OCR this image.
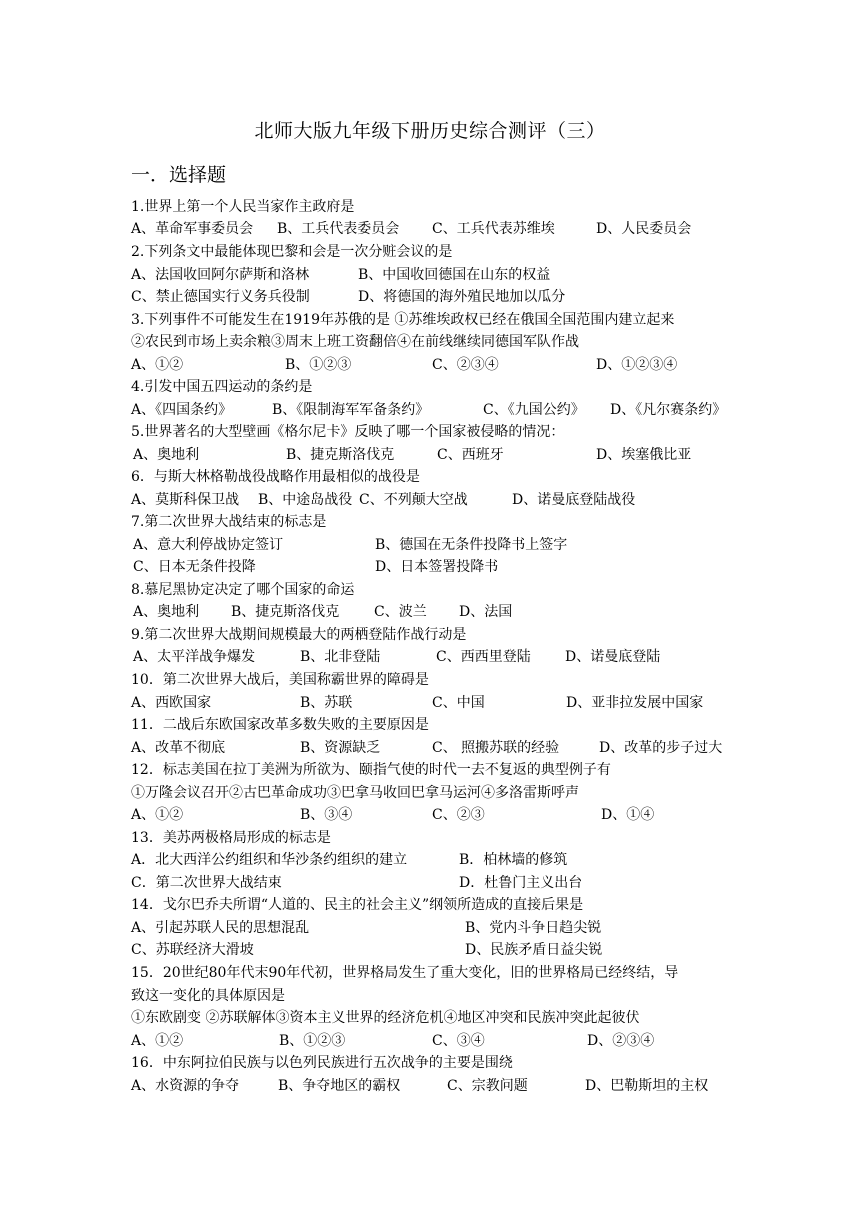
北师大版九年级下册历史综合测评（三）
一．选择题
1.世界上第一个人民当家作主政府是
A、革命军事委员会 B、工兵代表委员会 C、工兵代表苏维埃	D、人民委员会
2.下列条文中最能体现巴黎和会是一次分赃会议的是
A、法国收回阿尔萨斯和洛林	B、中国收回德国在山东的权益
C、禁止德国实行义务兵役制	D、将德国的海外殖民地加以瓜分
3.下列事件不可能发生在1919年苏俄的是 ①苏维埃政权已经在俄国全国范围内建立起来
②农民到市场上卖余粮③周末上班工资翻倍④在前线继续同德国军队作战
A、①②	B、①②③	C、②③④	D、①②③④
4.引发中国五四运动的条约是
A、《四国条约》	B、《限制海军军备条约》	C、《九国公约》 D、《凡尔赛条约》
5.世界著名的大型壁画《格尔尼卡》反映了哪一个国家被侵略的情况：
A、奥地利	B、捷克斯洛伐克	C、西班牙	D、埃塞俄比亚
6．与斯大林格勒战役战略作用最相似的战役是
A、莫斯科保卫战 B、中途岛战役 C、不列颠大空战	D、诺曼底登陆战役
7.第二次世界大战结束的标志是
A、意大利停战协定签订	B、德国在无条件投降书上签字
C、日本无条件投降	D、日本签署投降书
8.慕尼黑协定决定了哪个国家的命运
A、奥地利 B、捷克斯洛伐克 C、波兰 D、法国
9.第二次世界大战期间规模最大的两栖登陆作战行动是
A、太平洋战争爆发	B、北非登陆	C、西西里登陆 D、诺曼底登陆
10．第二次世界大战后，美国称霸世界的障碍是
A、西欧国家	B、苏联	C、中国	D、亚非拉发展中国家
11．二战后东欧国家改革多数失败的主要原因是
A、改革不彻底	B、资源缺乏	C、 照搬苏联的经验	D、改革的步子过大
12．标志美国在拉丁美洲为所欲为、颐指气使的时代一去不复返的典型例子有
①万隆会议召开②古巴革命成功③巴拿马收回巴拿马运河④多洛雷斯呼声
A、①②	B、③④	C、②③	D、①④
13．美苏两极格局形成的标志是
A．北大西洋公约组织和华沙条约组织的建立	B．柏林墙的修筑
C．第二次世界大战结束	D．杜鲁门主义出台
14．戈尔巴乔夫所谓“人道的、民主的社会主义”纲领所造成的直接后果是
A、引起苏联人民的思想混乱	B、党内斗争日趋尖锐
C、苏联经济大滑坡	D、民族矛盾日益尖锐
15．20世纪80年代末90年代初，世界格局发生了重大变化，旧的世界格局已经终结，导
致这一变化的具体原因是
①东欧剧变 ②苏联解体③资本主义世界的经济危机④地区冲突和民族冲突此起彼伏
A、①②	B、①②③	C、③④	D、②③④
16．中东阿拉伯民族与以色列民族进行五次战争的主要是围绕
A、水资源的争夺	B、争夺地区的霸权	C、宗教问题	D、巴勒斯坦的主权
